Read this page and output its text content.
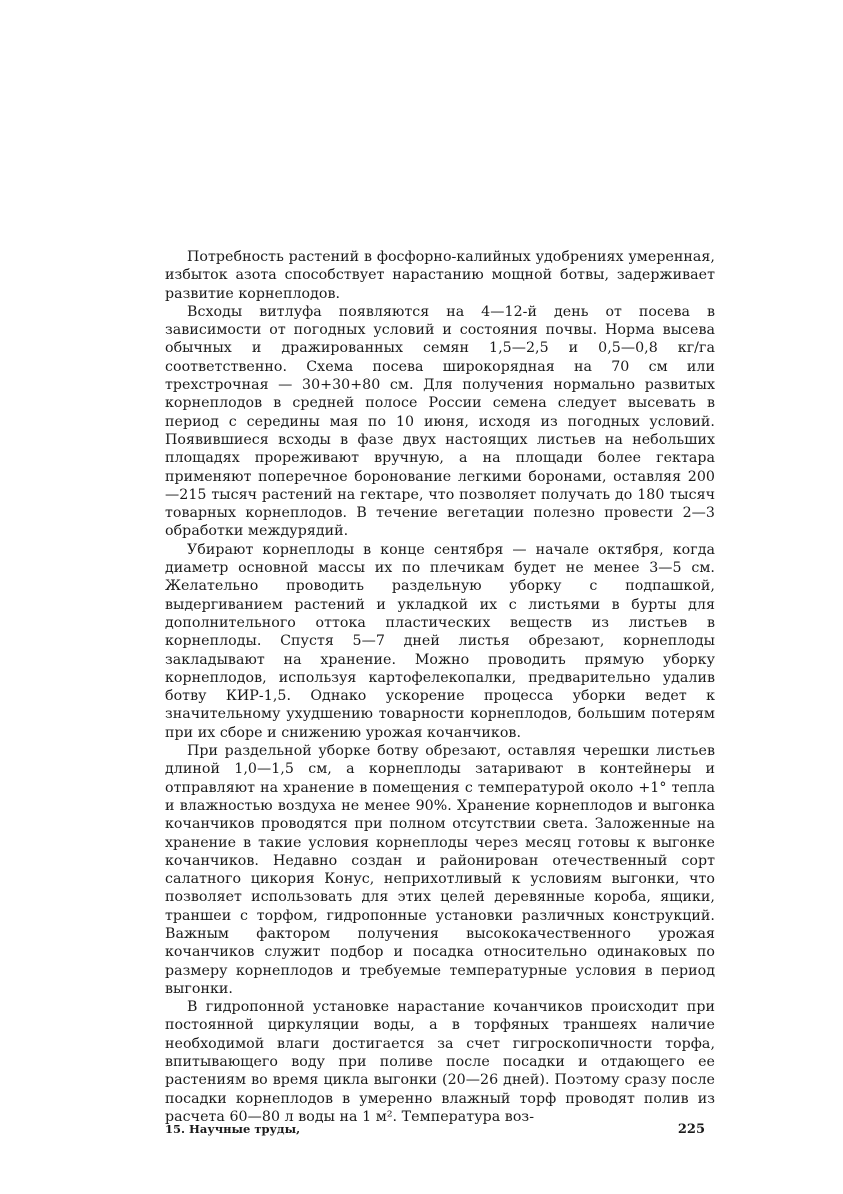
Потребность растений в фосфорно-калийных удобрениях умеренная, избыток азота способствует нарастанию мощной ботвы, задерживает развитие корнеплодов.

Всходы витлуфа появляются на 4—12-й день от посева в зависимости от погодных условий и состояния почвы. Норма высева обычных и дражированных семян 1,5—2,5 и 0,5—0,8 кг/га соответственно. Схема посева широкорядная на 70 см или трехстрочная — 30+30+80 см. Для получения нормально развитых корнеплодов в средней полосе России семена следует высевать в период с середины мая по 10 июня, исходя из погодных условий. Появившиеся всходы в фазе двух настоящих листьев на небольших площадях прореживают вручную, а на площади более гектара применяют поперечное боронование легкими боронами, оставляя 200—215 тысяч растений на гектаре, что позволяет получать до 180 тысяч товарных корнеплодов. В течение вегетации полезно провести 2—3 обработки междурядий.

Убирают корнеплоды в конце сентября — начале октября, когда диаметр основной массы их по плечикам будет не менее 3—5 см. Желательно проводить раздельную уборку с подпашкой, выдергиванием растений и укладкой их с листьями в бурты для дополнительного оттока пластических веществ из листьев в корнеплоды. Спустя 5—7 дней листья обрезают, корнеплоды закладывают на хранение. Можно проводить прямую уборку корнеплодов, используя картофелекопалки, предварительно удалив ботву КИР-1,5. Однако ускорение процесса уборки ведет к значительному ухудшению товарности корнеплодов, большим потерям при их сборе и снижению урожая кочанчиков.

При раздельной уборке ботву обрезают, оставляя черешки листьев длиной 1,0—1,5 см, а корнеплоды затаривают в контейнеры и отправляют на хранение в помещения с температурой около +1° тепла и влажностью воздуха не менее 90%. Хранение корнеплодов и выгонка кочанчиков проводятся при полном отсутствии света. Заложенные на хранение в такие условия корнеплоды через месяц готовы к выгонке кочанчиков. Недавно создан и районирован отечественный сорт салатного цикория Конус, неприхотливый к условиям выгонки, что позволяет использовать для этих целей деревянные короба, ящики, траншеи с торфом, гидропонные установки различных конструкций. Важным фактором получения высококачественного урожая кочанчиков служит подбор и посадка относительно одинаковых по размеру корнеплодов и требуемые температурные условия в период выгонки.

В гидропонной установке нарастание кочанчиков происходит при постоянной циркуляции воды, а в торфяных траншеях наличие необходимой влаги достигается за счет гигроскопичности торфа, впитывающего воду при поливе после посадки и отдающего ее растениям во время цикла выгонки (20—26 дней). Поэтому сразу после посадки корнеплодов в умеренно влажный торф проводят полив из расчета 60—80 л воды на 1 м². Температура воз-

15. Научные труды,	225
